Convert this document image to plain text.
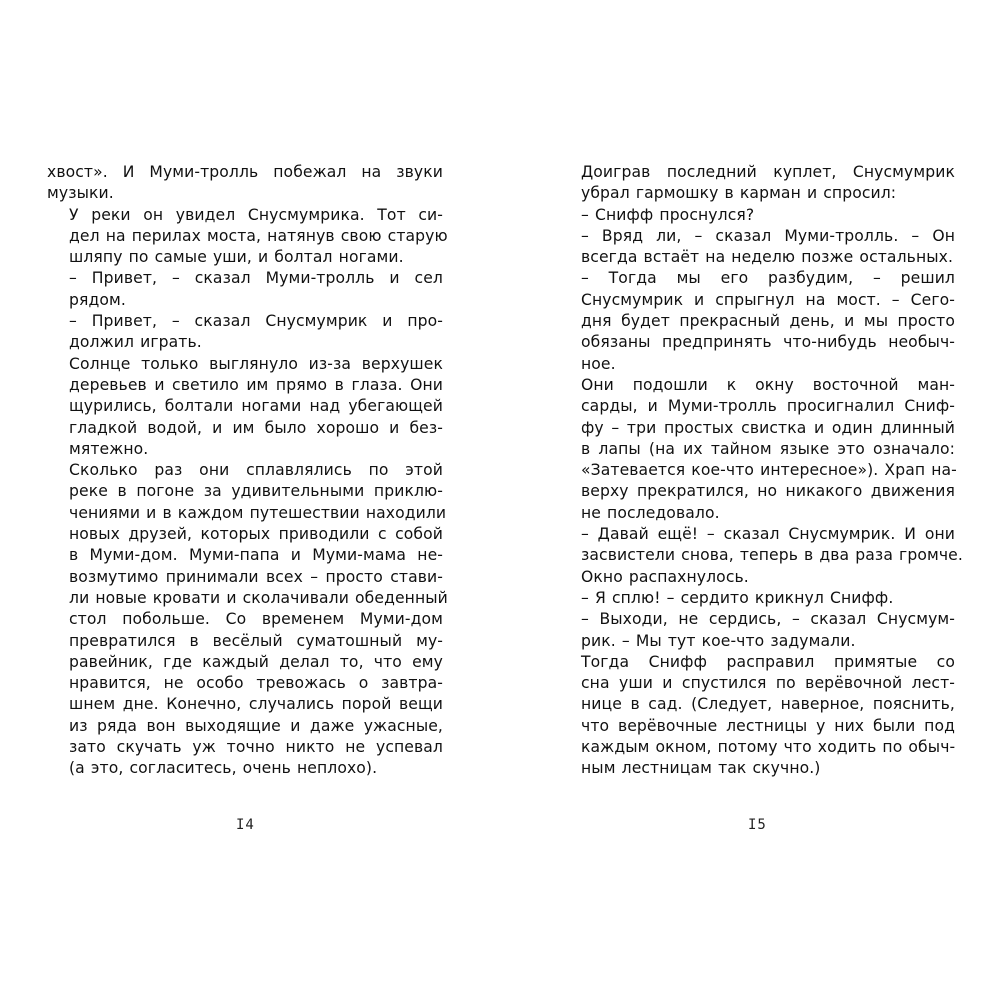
хвост». И Муми-тролль побежал на звуки
музыки.

У реки он увидел Снусмумрика. Тот си-
дел на перилах моста, натянув свою старую
шляпу по самые уши, и болтал ногами.

– Привет, – сказал Муми-тролль и сел
рядом.

– Привет, – сказал Снусмумрик и про-
должил играть.

Солнце только выглянуло из-за верхушек
деревьев и светило им прямо в глаза. Они
щурились, болтали ногами над убегающей
гладкой водой, и им было хорошо и без-
мятежно.

Сколько раз они сплавлялись по этой
реке в погоне за удивительными приклю-
чениями и в каждом путешествии находили
новых друзей, которых приводили с собой
в Муми-дом. Муми-папа и Муми-мама не-
возмутимо принимали всех – просто стави-
ли новые кровати и сколачивали обеденный
стол побольше. Со временем Муми-дом
превратился в весёлый суматошный му-
равейник, где каждый делал то, что ему
нравится, не особо тревожась о завтра-
шнем дне. Конечно, случались порой вещи
из ряда вон выходящие и даже ужасные,
зато скучать уж точно никто не успевал
(а это, согласитесь, очень неплохо).

I4

Доиграв последний куплет, Снусмумрик
убрал гармошку в карман и спросил:

– Снифф проснулся?

– Вряд ли, – сказал Муми-тролль. – Он
всегда встаёт на неделю позже остальных.

– Тогда мы его разбудим, – решил
Снусмумрик и спрыгнул на мост. – Сего-
дня будет прекрасный день, и мы просто
обязаны предпринять что-нибудь необыч-
ное.

Они подошли к окну восточной ман-
сарды, и Муми-тролль просигналил Сниф-
фу – три простых свистка и один длинный
в лапы (на их тайном языке это означало:
«Затевается кое-что интересное»). Храп на-
верху прекратился, но никакого движения
не последовало.

– Давай ещё! – сказал Снусмумрик. И они
засвистели снова, теперь в два раза громче.

Окно распахнулось.

– Я сплю! – сердито крикнул Снифф.

– Выходи, не сердись, – сказал Снусмум-
рик. – Мы тут кое-что задумали.

Тогда Снифф расправил примятые со
сна уши и спустился по верёвочной лест-
нице в сад. (Следует, наверное, пояснить,
что верёвочные лестницы у них были под
каждым окном, потому что ходить по обыч-
ным лестницам так скучно.)

I5
